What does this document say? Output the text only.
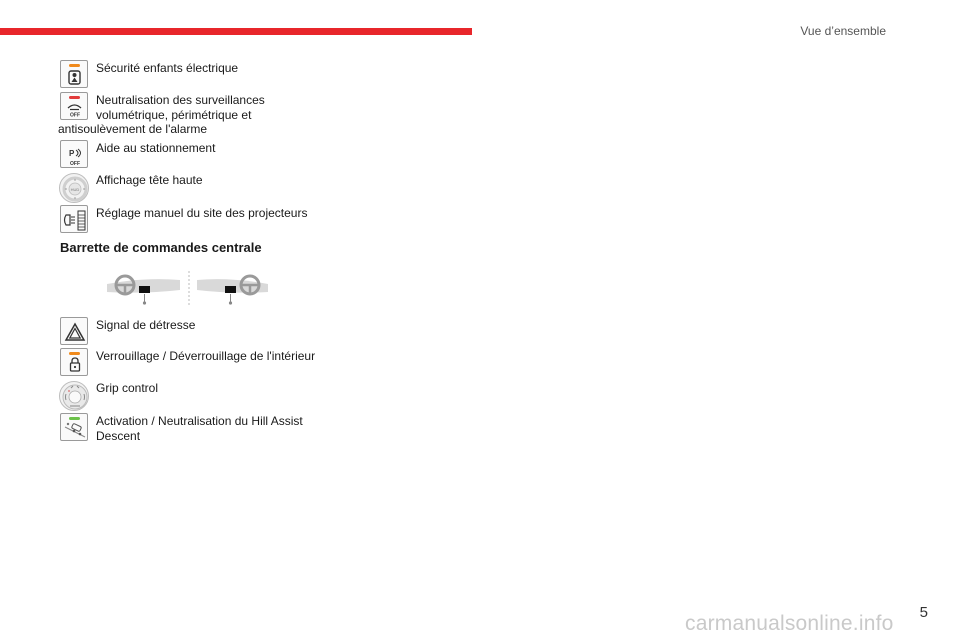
Vue d’ensemble
Sécurité enfants électrique
OFF
Neutralisation des surveillances volumétrique, périmétrique et
antisoulèvement de l'alarme
P
OFF
Aide au stationnement
HUD
Affichage tête haute
Réglage manuel du site des projecteurs
Barrette de commandes centrale
Signal de détresse
Verrouillage / Déverrouillage de l'intérieur
Grip control
Activation / Neutralisation du Hill Assist Descent
5
carmanualsonline.info
